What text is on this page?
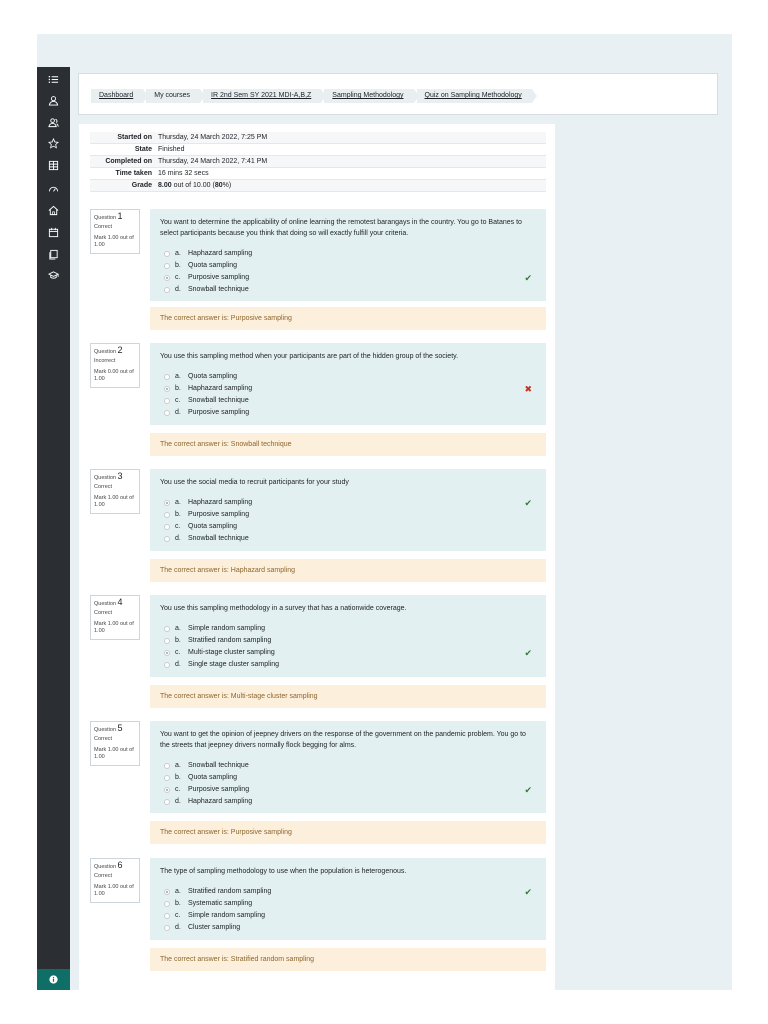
Dashboard	My courses	IR 2nd Sem SY 2021 MDI-A,B,Z	Sampling Methodology	Quiz on Sampling Methodology
Started on Thursday, 24 March 2022, 7:25 PM
State Finished
Completed on Thursday, 24 March 2022, 7:41 PM
Time taken 16 mins 32 secs
Grade 8.00 out of 10.00 (80%)
Question 1
Correct
Mark 1.00 out of 1.00
You want to determine the applicability of online learning the remotest barangays in the country. You go to Batanes to select participants because you think that doing so will exactly fulfill your criteria.
a.	Haphazard sampling
b.	Quota sampling
c.	Purposive sampling	✔
d.	Snowball technique
The correct answer is: Purposive sampling
Question 2
Incorrect
Mark 0.00 out of 1.00
You use this sampling method when your participants are part of the hidden group of the society.
a.	Quota sampling
b.	Haphazard sampling	✖
c.	Snowball technique
d.	Purposive sampling
The correct answer is: Snowball technique
Question 3
Correct
Mark 1.00 out of 1.00
You use the social media to recruit participants for your study
a.	Haphazard sampling	✔
b.	Purposive sampling
c.	Quota sampling
d.	Snowball technique
The correct answer is: Haphazard sampling
Question 4
Correct
Mark 1.00 out of 1.00
You use this sampling methodology in a survey that has a nationwide coverage.
a.	Simple random sampling
b.	Stratified random sampling
c.	Multi-stage cluster sampling	✔
d.	Single stage cluster sampling
The correct answer is: Multi-stage cluster sampling
Question 5
Correct
Mark 1.00 out of 1.00
You want to get the opinion of jeepney drivers on the response of the government on the pandemic problem. You go to the streets that jeepney drivers normally flock begging for alms.
a.	Snowball technique
b.	Quota sampling
c.	Purposive sampling	✔
d.	Haphazard sampling
The correct answer is: Purposive sampling
Question 6
Correct
Mark 1.00 out of 1.00
The type of sampling methodology to use when the population is heterogenous.
a.	Stratified random sampling	✔
b.	Systematic sampling
c.	Simple random sampling
d.	Cluster sampling
The correct answer is: Stratified random sampling
